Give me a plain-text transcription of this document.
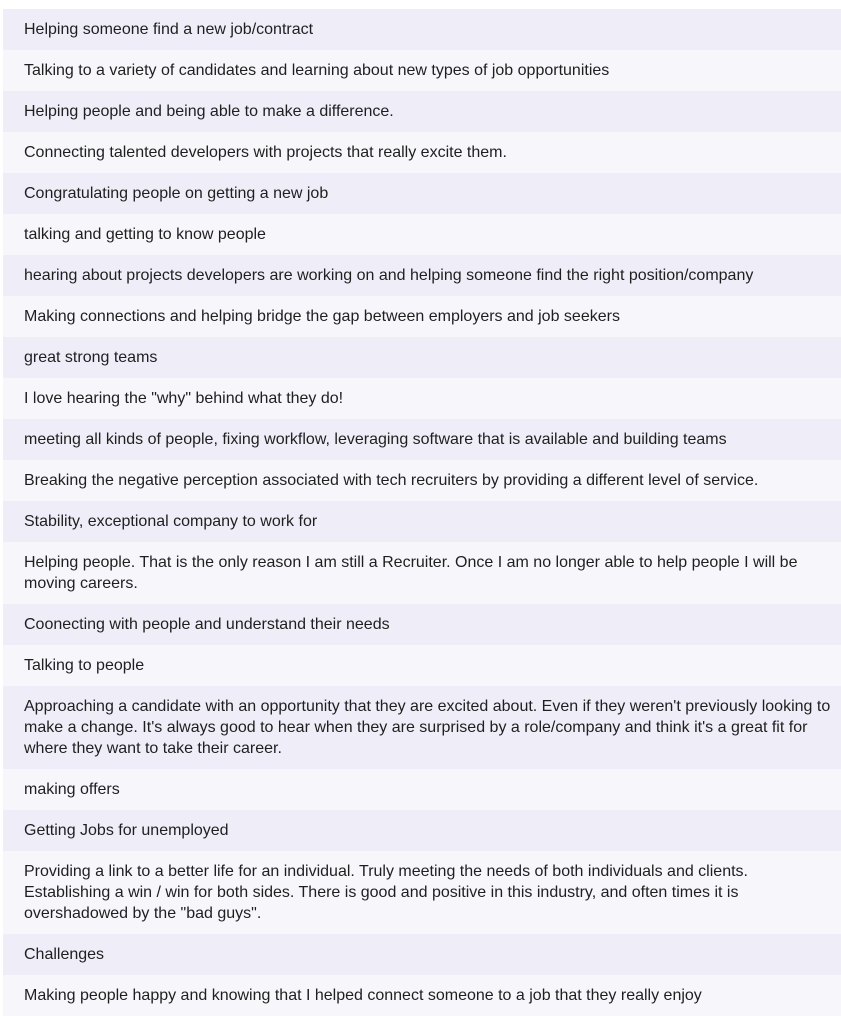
Helping someone find a new job/contract
Talking to a variety of candidates and learning about new types of job opportunities
Helping people and being able to make a difference.
Connecting talented developers with projects that really excite them.
Congratulating people on getting a new job
talking and getting to know people
hearing about projects developers are working on and helping someone find the right position/company
Making connections and helping bridge the gap between employers and job seekers
great strong teams
I love hearing the "why" behind what they do!
meeting all kinds of people, fixing workflow, leveraging software that is available and building teams
Breaking the negative perception associated with tech recruiters by providing a different level of service.
Stability, exceptional company to work for
Helping people. That is the only reason I am still a Recruiter. Once I am no longer able to help people I will be moving careers.
Coonecting with people and understand their needs
Talking to people
Approaching a candidate with an opportunity that they are excited about. Even if they weren't previously looking to make a change. It's always good to hear when they are surprised by a role/company and think it's a great fit for where they want to take their career.
making offers
Getting Jobs for unemployed
Providing a link to a better life for an individual. Truly meeting the needs of both individuals and clients. Establishing a win / win for both sides. There is good and positive in this industry, and often times it is overshadowed by the "bad guys".
Challenges
Making people happy and knowing that I helped connect someone to a job that they really enjoy
